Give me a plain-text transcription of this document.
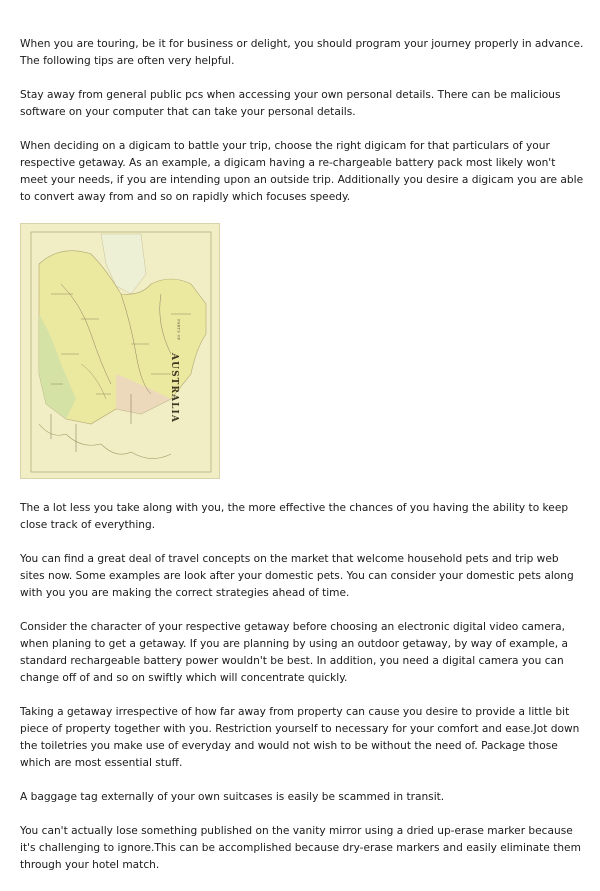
When you are touring, be it for business or delight, you should program your journey properly in advance. The following tips are often very helpful.

Stay away from general public pcs when accessing your own personal details. There can be malicious software on your computer that can take your personal details.

When deciding on a digicam to battle your trip, choose the right digicam for that particulars of your respective getaway. As an example, a digicam having a re-chargeable battery pack most likely won't meet your needs, if you are intending upon an outside trip. Additionally you desire a digicam you are able to convert away from and so on rapidly which focuses speedy.

PARTS OF
AUSTRALIA

The a lot less you take along with you, the more effective the chances of you having the ability to keep close track of everything.

You can find a great deal of travel concepts on the market that welcome household pets and trip web sites now. Some examples are look after your domestic pets. You can consider your domestic pets along with you you are making the correct strategies ahead of time.

Consider the character of your respective getaway before choosing an electronic digital video camera, when planing to get a getaway. If you are planning by using an outdoor getaway, by way of example, a standard rechargeable battery power wouldn't be best. In addition, you need a digital camera you can change off of and so on swiftly which will concentrate quickly.

Taking a getaway irrespective of how far away from property can cause you desire to provide a little bit piece of property together with you. Restriction yourself to necessary for your comfort and ease.Jot down the toiletries you make use of everyday and would not wish to be without the need of. Package those which are most essential stuff.

A baggage tag externally of your own suitcases is easily be scammed in transit.

You can't actually lose something published on the vanity mirror using a dried up-erase marker because it's challenging to ignore.This can be accomplished because dry-erase markers and easily eliminate them through your hotel match.
